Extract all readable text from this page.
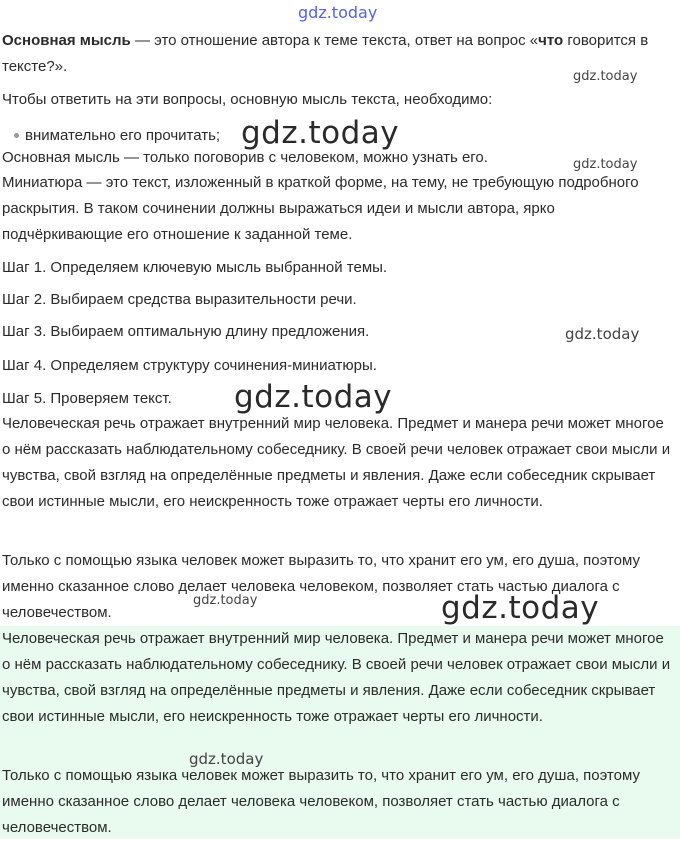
gdz.today

Основная мысль — это отношение автора к теме текста, ответ на вопрос «что говорится в тексте?».

gdz.today

Чтобы ответить на эти вопросы, основную мысль текста, необходимо:

внимательно его прочитать; gdz.today

Основная мысль — только поговорив с человеком, можно узнать его.	gdz.today

Миниатюра — это текст, изложенный в краткой форме, на тему, не требующую подробного раскрытия. В таком сочинении должны выражаться идеи и мысли автора, ярко подчёркивающие его отношение к заданной теме.

Шаг 1. Определяем ключевую мысль выбранной темы.

Шаг 2. Выбираем средства выразительности речи.

Шаг 3. Выбираем оптимальную длину предложения.	gdz.today

Шаг 4. Определяем структуру сочинения-миниатюры.

Шаг 5. Проверяем текст.	gdz.today

Человеческая речь отражает внутренний мир человека. Предмет и манера речи может многое о нём рассказать наблюдательному собеседнику. В своей речи человек отражает свои мысли и чувства, свой взгляд на определённые предметы и явления. Даже если собеседник скрывает свои истинные мысли, его неискренность тоже отражает черты его личности.

Только с помощью языка человек может выразить то, что хранит его ум, его душа, поэтому именно сказанное слово делает человека человеком, позволяет стать частью диалога с человечеством.

gdz.today	gdz.today

Человеческая речь отражает внутренний мир человека. Предмет и манера речи может многое о нём рассказать наблюдательному собеседнику. В своей речи человек отражает свои мысли и чувства, свой взгляд на определённые предметы и явления. Даже если собеседник скрывает свои истинные мысли, его неискренность тоже отражает черты его личности.

gdz.today

Только с помощью языка человек может выразить то, что хранит его ум, его душа, поэтому именно сказанное слово делает человека человеком, позволяет стать частью диалога с человечеством.
